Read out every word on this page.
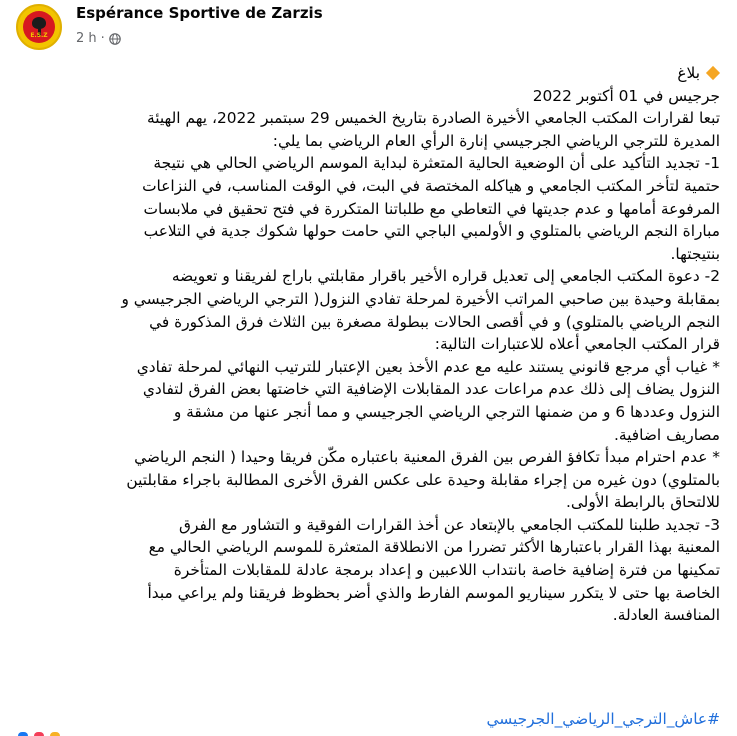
E.S.Z
Espérance Sportive de Zarzis
2 h ·
بلاغ
جرجيس في 01 أكتوبر 2022
تبعا لقرارات المكتب الجامعي الأخيرة الصادرة بتاريخ الخميس 29 سبتمبر 2022، يهم الهيئة
المديرة للترجي الرياضي الجرجيسي إنارة الرأي العام الرياضي بما يلي:
1- تجديد التأكيد على أن الوضعية الحالية المتعثرة لبداية الموسم الرياضي الحالي هي نتيجة
حتمية لتأخر المكتب الجامعي و هياكله المختصة في البت، في الوقت المناسب، في النزاعات
المرفوعة أمامها و عدم جديتها في التعاطي مع طلباتنا المتكررة في فتح تحقيق في ملابسات
مباراة النجم الرياضي بالمتلوي و الأولمبي الباجي التي حامت حولها شكوك جدية في التلاعب
بنتيجتها.
2- دعوة المكتب الجامعي إلى تعديل قراره الأخير باقرار مقابلتي باراج لفريقنا و تعويضه
بمقابلة وحيدة بين صاحبي المراتب الأخيرة لمرحلة تفادي النزول( الترجي الرياضي الجرجيسي و
النجم الرياضي بالمتلوي) و في أقصى الحالات ببطولة مصغرة بين الثلاث فرق المذكورة في
قرار المكتب الجامعي أعلاه للاعتبارات التالية:
* غياب أي مرجع قانوني يستند عليه مع عدم الأخذ بعين الإعتبار للترتيب النهائي لمرحلة تفادي
النزول يضاف إلى ذلك عدم مراعات عدد المقابلات الإضافية التي خاضتها بعض الفرق لتفادي
النزول وعددها 6 و من ضمنها الترجي الرياضي الجرجيسي و مما أنجر عنها من مشقة و
مصاريف اضافية.
* عدم احترام مبدأ تكافؤ الفرص بين الفرق المعنية باعتباره مكّن فريقا وحيدا ( النجم الرياضي
بالمتلوي) دون غيره من إجراء مقابلة وحيدة على عكس الفرق الأخرى المطالبة باجراء مقابلتين
للالتحاق بالرابطة الأولى.
3- تجديد طلبنا للمكتب الجامعي بالإبتعاد عن أخذ القرارات الفوقية و التشاور مع الفرق
المعنية بهذا القرار باعتبارها الأكثر تضررا من الانطلاقة المتعثرة للموسم الرياضي الحالي مع
تمكينها من فترة إضافية خاصة بانتداب اللاعبين و إعداد برمجة عادلة للمقابلات المتأخرة
الخاصة بها حتى لا يتكرر سيناريو الموسم الفارط والذي أضر بحظوظ فريقنا ولم يراعي مبدأ
المنافسة العادلة.
#عاش_الترجي_الرياضي_الجرجيسي
